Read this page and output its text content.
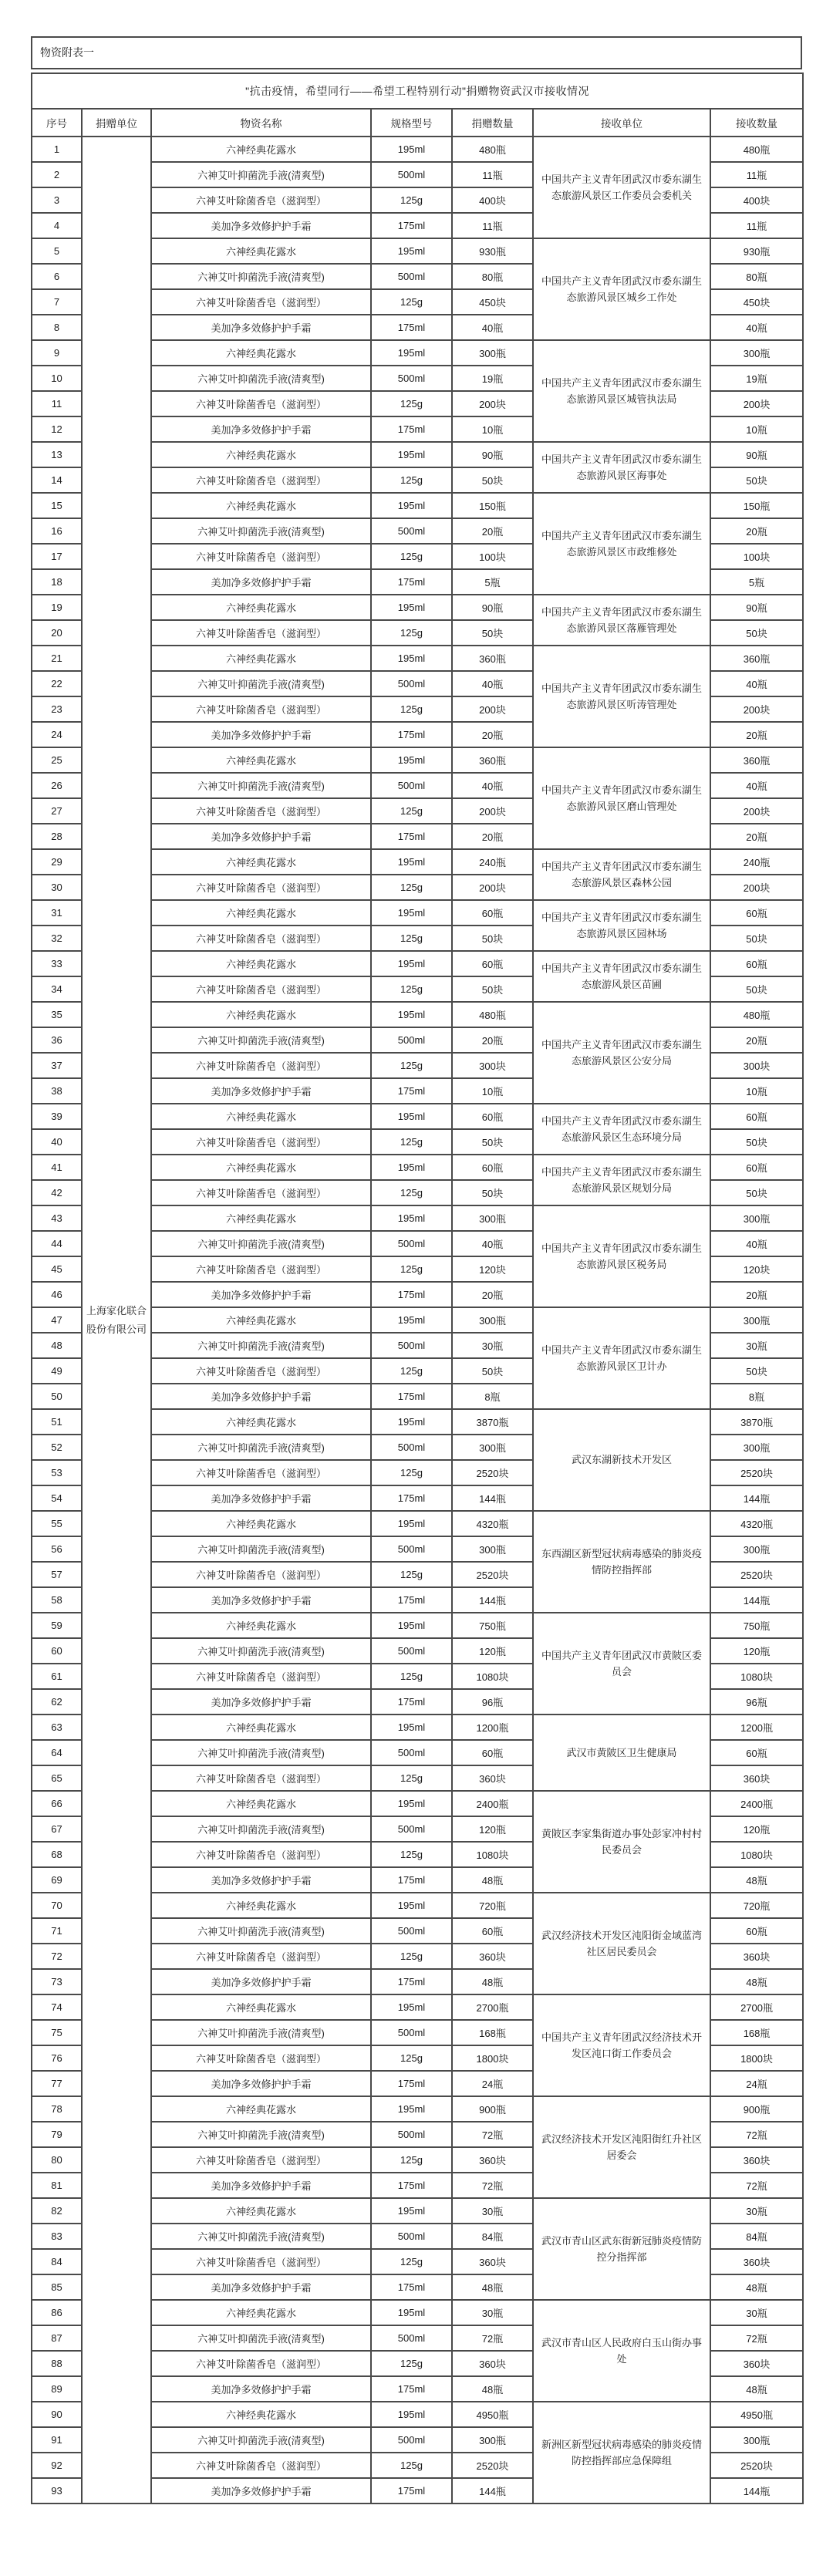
物资附表一
"抗击疫情，希望同行——希望工程特别行动"捐赠物资武汉市接收情况						
序号	捐赠单位	物资名称	规格型号	捐赠数量	接收单位	接收数量
1	上海家化联合股份有限公司	六神经典花露水	195ml	480瓶	中国共产主义青年团武汉市委东湖生态旅游风景区工作委员会委机关	480瓶
2		六神艾叶抑菌洗手液(清爽型)	500ml	11瓶		11瓶
3		六神艾叶除菌香皂（滋润型）	125g	400块		400块
4		美加净多效修护护手霜	175ml	11瓶		11瓶
5		六神经典花露水	195ml	930瓶	中国共产主义青年团武汉市委东湖生态旅游风景区城乡工作处	930瓶
6		六神艾叶抑菌洗手液(清爽型)	500ml	80瓶		80瓶
7		六神艾叶除菌香皂（滋润型）	125g	450块		450块
8		美加净多效修护护手霜	175ml	40瓶		40瓶
9		六神经典花露水	195ml	300瓶	中国共产主义青年团武汉市委东湖生态旅游风景区城管执法局	300瓶
10		六神艾叶抑菌洗手液(清爽型)	500ml	19瓶		19瓶
11		六神艾叶除菌香皂（滋润型）	125g	200块		200块
12		美加净多效修护护手霜	175ml	10瓶		10瓶
13		六神经典花露水	195ml	90瓶	中国共产主义青年团武汉市委东湖生态旅游风景区海事处	90瓶
14		六神艾叶除菌香皂（滋润型）	125g	50块		50块
15		六神经典花露水	195ml	150瓶	中国共产主义青年团武汉市委东湖生态旅游风景区市政维修处	150瓶
16		六神艾叶抑菌洗手液(清爽型)	500ml	20瓶		20瓶
17		六神艾叶除菌香皂（滋润型）	125g	100块		100块
18		美加净多效修护护手霜	175ml	5瓶		5瓶
19		六神经典花露水	195ml	90瓶	中国共产主义青年团武汉市委东湖生态旅游风景区落雁管理处	90瓶
20		六神艾叶除菌香皂（滋润型）	125g	50块		50块
21		六神经典花露水	195ml	360瓶	中国共产主义青年团武汉市委东湖生态旅游风景区听涛管理处	360瓶
22		六神艾叶抑菌洗手液(清爽型)	500ml	40瓶		40瓶
23		六神艾叶除菌香皂（滋润型）	125g	200块		200块
24		美加净多效修护护手霜	175ml	20瓶		20瓶
25		六神经典花露水	195ml	360瓶	中国共产主义青年团武汉市委东湖生态旅游风景区磨山管理处	360瓶
26		六神艾叶抑菌洗手液(清爽型)	500ml	40瓶		40瓶
27		六神艾叶除菌香皂（滋润型）	125g	200块		200块
28		美加净多效修护护手霜	175ml	20瓶		20瓶
29		六神经典花露水	195ml	240瓶	中国共产主义青年团武汉市委东湖生态旅游风景区森林公园	240瓶
30		六神艾叶除菌香皂（滋润型）	125g	200块		200块
31		六神经典花露水	195ml	60瓶	中国共产主义青年团武汉市委东湖生态旅游风景区园林场	60瓶
32		六神艾叶除菌香皂（滋润型）	125g	50块		50块
33		六神经典花露水	195ml	60瓶	中国共产主义青年团武汉市委东湖生态旅游风景区苗圃	60瓶
34		六神艾叶除菌香皂（滋润型）	125g	50块		50块
35		六神经典花露水	195ml	480瓶	中国共产主义青年团武汉市委东湖生态旅游风景区公安分局	480瓶
36		六神艾叶抑菌洗手液(清爽型)	500ml	20瓶		20瓶
37		六神艾叶除菌香皂（滋润型）	125g	300块		300块
38		美加净多效修护护手霜	175ml	10瓶		10瓶
39		六神经典花露水	195ml	60瓶	中国共产主义青年团武汉市委东湖生态旅游风景区生态环境分局	60瓶
40		六神艾叶除菌香皂（滋润型）	125g	50块		50块
41		六神经典花露水	195ml	60瓶	中国共产主义青年团武汉市委东湖生态旅游风景区规划分局	60瓶
42		六神艾叶除菌香皂（滋润型）	125g	50块		50块
43		六神经典花露水	195ml	300瓶	中国共产主义青年团武汉市委东湖生态旅游风景区税务局	300瓶
44		六神艾叶抑菌洗手液(清爽型)	500ml	40瓶		40瓶
45		六神艾叶除菌香皂（滋润型）	125g	120块		120块
46		美加净多效修护护手霜	175ml	20瓶		20瓶
47		六神经典花露水	195ml	300瓶	中国共产主义青年团武汉市委东湖生态旅游风景区卫计办	300瓶
48		六神艾叶抑菌洗手液(清爽型)	500ml	30瓶		30瓶
49		六神艾叶除菌香皂（滋润型）	125g	50块		50块
50		美加净多效修护护手霜	175ml	8瓶		8瓶
51		六神经典花露水	195ml	3870瓶	武汉东湖新技术开发区	3870瓶
52		六神艾叶抑菌洗手液(清爽型)	500ml	300瓶		300瓶
53		六神艾叶除菌香皂（滋润型）	125g	2520块		2520块
54		美加净多效修护护手霜	175ml	144瓶		144瓶
55		六神经典花露水	195ml	4320瓶	东西湖区新型冠状病毒感染的肺炎疫情防控指挥部	4320瓶
56		六神艾叶抑菌洗手液(清爽型)	500ml	300瓶		300瓶
57		六神艾叶除菌香皂（滋润型）	125g	2520块		2520块
58		美加净多效修护护手霜	175ml	144瓶		144瓶
59		六神经典花露水	195ml	750瓶	中国共产主义青年团武汉市黄陂区委员会	750瓶
60		六神艾叶抑菌洗手液(清爽型)	500ml	120瓶		120瓶
61		六神艾叶除菌香皂（滋润型）	125g	1080块		1080块
62		美加净多效修护护手霜	175ml	96瓶		96瓶
63		六神经典花露水	195ml	1200瓶	武汉市黄陂区卫生健康局	1200瓶
64		六神艾叶抑菌洗手液(清爽型)	500ml	60瓶		60瓶
65		六神艾叶除菌香皂（滋润型）	125g	360块		360块
66		六神经典花露水	195ml	2400瓶	黄陂区李家集街道办事处彭家冲村村民委员会	2400瓶
67		六神艾叶抑菌洗手液(清爽型)	500ml	120瓶		120瓶
68		六神艾叶除菌香皂（滋润型）	125g	1080块		1080块
69		美加净多效修护护手霜	175ml	48瓶		48瓶
70		六神经典花露水	195ml	720瓶	武汉经济技术开发区沌阳街金域蓝湾社区居民委员会	720瓶
71		六神艾叶抑菌洗手液(清爽型)	500ml	60瓶		60瓶
72		六神艾叶除菌香皂（滋润型）	125g	360块		360块
73		美加净多效修护护手霜	175ml	48瓶		48瓶
74		六神经典花露水	195ml	2700瓶	中国共产主义青年团武汉经济技术开发区沌口街工作委员会	2700瓶
75		六神艾叶抑菌洗手液(清爽型)	500ml	168瓶		168瓶
76		六神艾叶除菌香皂（滋润型）	125g	1800块		1800块
77		美加净多效修护护手霜	175ml	24瓶		24瓶
78		六神经典花露水	195ml	900瓶	武汉经济技术开发区沌阳街红升社区居委会	900瓶
79		六神艾叶抑菌洗手液(清爽型)	500ml	72瓶		72瓶
80		六神艾叶除菌香皂（滋润型）	125g	360块		360块
81		美加净多效修护护手霜	175ml	72瓶		72瓶
82		六神经典花露水	195ml	30瓶	武汉市青山区武东街新冠肺炎疫情防控分指挥部	30瓶
83		六神艾叶抑菌洗手液(清爽型)	500ml	84瓶		84瓶
84		六神艾叶除菌香皂（滋润型）	125g	360块		360块
85		美加净多效修护护手霜	175ml	48瓶		48瓶
86		六神经典花露水	195ml	30瓶	武汉市青山区人民政府白玉山街办事处	30瓶
87		六神艾叶抑菌洗手液(清爽型)	500ml	72瓶		72瓶
88		六神艾叶除菌香皂（滋润型）	125g	360块		360块
89		美加净多效修护护手霜	175ml	48瓶		48瓶
90		六神经典花露水	195ml	4950瓶	新洲区新型冠状病毒感染的肺炎疫情防控指挥部应急保障组	4950瓶
91		六神艾叶抑菌洗手液(清爽型)	500ml	300瓶		300瓶
92		六神艾叶除菌香皂（滋润型）	125g	2520块		2520块
93		美加净多效修护护手霜	175ml	144瓶		144瓶
